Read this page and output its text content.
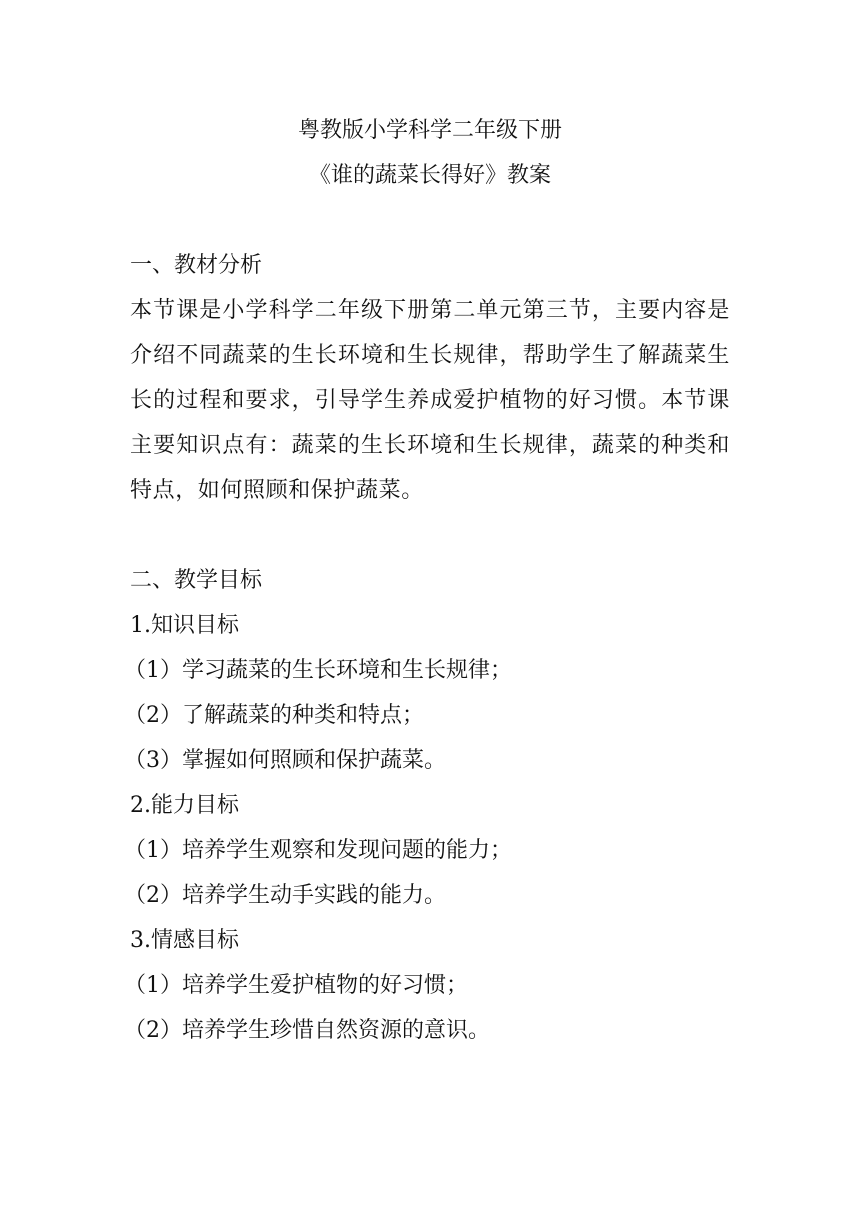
粤教版小学科学二年级下册

《谁的蔬菜长得好》教案

一、教材分析

本节课是小学科学二年级下册第二单元第三节，主要内容是介绍不同蔬菜的生长环境和生长规律，帮助学生了解蔬菜生长的过程和要求，引导学生养成爱护植物的好习惯。本节课主要知识点有：蔬菜的生长环境和生长规律，蔬菜的种类和特点，如何照顾和保护蔬菜。

二、教学目标

1.知识目标

（1）学习蔬菜的生长环境和生长规律；

（2）了解蔬菜的种类和特点；

（3）掌握如何照顾和保护蔬菜。

2.能力目标

（1）培养学生观察和发现问题的能力；

（2）培养学生动手实践的能力。

3.情感目标

（1）培养学生爱护植物的好习惯；

（2）培养学生珍惜自然资源的意识。
